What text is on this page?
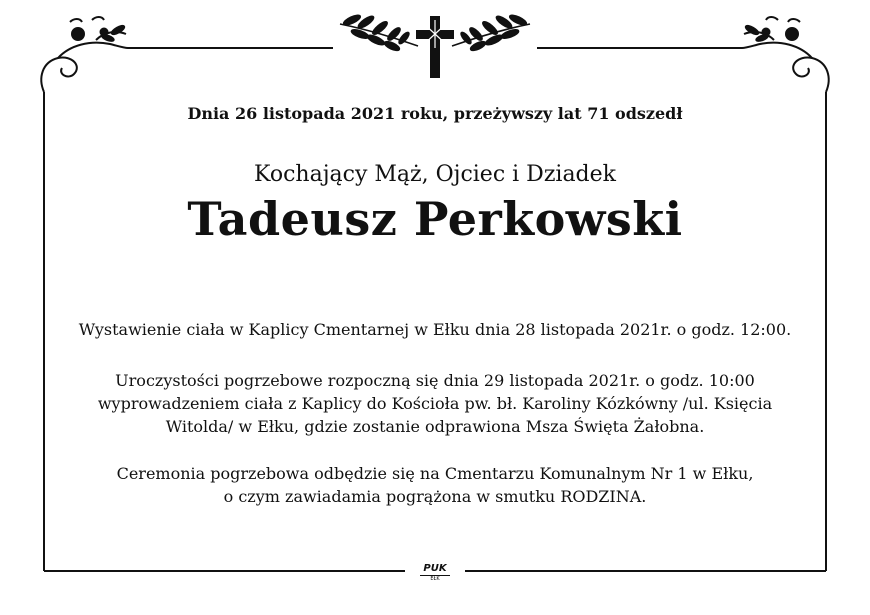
Dnia 26 listopada 2021 roku, przeżywszy lat 71 odszedł
Kochający Mąż, Ojciec i Dziadek
Tadeusz Perkowski
Wystawienie ciała w Kaplicy Cmentarnej w Ełku dnia 28 listopada 2021r. o godz. 12:00.
Uroczystości pogrzebowe rozpoczną się dnia 29 listopada 2021r. o godz. 10:00
wyprowadzeniem ciała z Kaplicy do Kościoła pw. bł. Karoliny Kózkówny /ul. Księcia
Witolda/ w Ełku, gdzie zostanie odprawiona Msza Święta Żałobna.
Ceremonia pogrzebowa odbędzie się na Cmentarzu Komunalnym Nr 1 w Ełku,
o czym zawiadamia pogrążona w smutku RODZINA.
PUK
EŁK
